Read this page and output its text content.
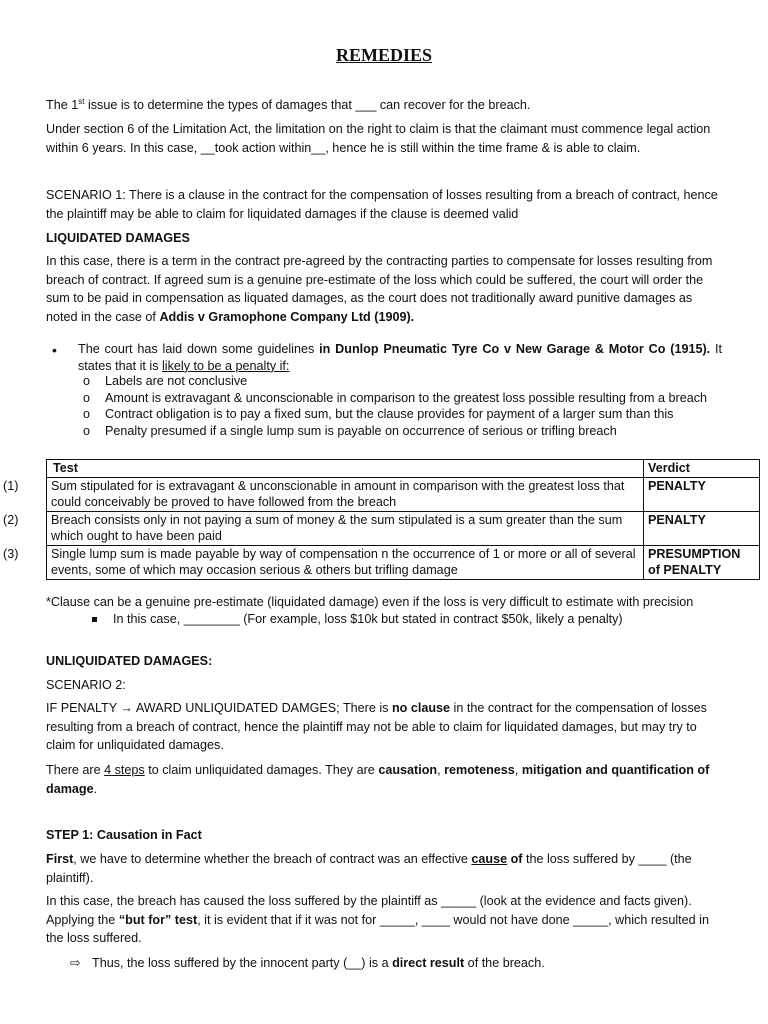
REMEDIES

The 1st issue is to determine the types of damages that ___ can recover for the breach.

Under section 6 of the Limitation Act, the limitation on the right to claim is that the claimant must commence legal action within 6 years. In this case, __took action within__, hence he is still within the time frame & is able to claim.

SCENARIO 1: There is a clause in the contract for the compensation of losses resulting from a breach of contract, hence the plaintiff may be able to claim for liquidated damages if the clause is deemed valid

LIQUIDATED DAMAGES

In this case, there is a term in the contract pre-agreed by the contracting parties to compensate for losses resulting from breach of contract. If agreed sum is a genuine pre-estimate of the loss which could be suffered, the court will order the sum to be paid in compensation as liquated damages, as the court does not traditionally award punitive damages as noted in the case of Addis v Gramophone Company Ltd (1909).

• The court has laid down some guidelines in Dunlop Pneumatic Tyre Co v New Garage & Motor Co (1915). It states that it is likely to be a penalty if:

o Labels are not conclusive
o Amount is extravagant & unconscionable in comparison to the greatest loss possible resulting from a breach
o Contract obligation is to pay a fixed sum, but the clause provides for payment of a larger sum than this
o Penalty presumed if a single lump sum is payable on occurrence of serious or trifling breach
Test	Verdict
(1) Sum stipulated for is extravagant & unconscionable in amount in comparison with the greatest loss that could conceivably be proved to have followed from the breach	PENALTY
(2) Breach consists only in not paying a sum of money & the sum stipulated is a sum greater than the sum which ought to have been paid	PENALTY
(3) Single lump sum is made payable by way of compensation n the occurrence of 1 or more or all of several events, some of which may occasion serious & others but trifling damage	PRESUMPTION of PENALTY

*Clause can be a genuine pre-estimate (liquidated damage) even if the loss is very difficult to estimate with precision

In this case, ________ (For example, loss $10k but stated in contract $50k, likely a penalty)

UNLIQUIDATED DAMAGES:

SCENARIO 2:

IF PENALTY → AWARD UNLIQUIDATED DAMGES; There is no clause in the contract for the compensation of losses resulting from a breach of contract, hence the plaintiff may not be able to claim for liquidated damages, but may try to claim for unliquidated damages.

There are 4 steps to claim unliquidated damages. They are causation, remoteness, mitigation and quantification of damage.

STEP 1: Causation in Fact

First, we have to determine whether the breach of contract was an effective cause of the loss suffered by ____ (the plaintiff).

In this case, the breach has caused the loss suffered by the plaintiff as _____ (look at the evidence and facts given). Applying the “but for” test, it is evident that if it was not for _____, ____ would not have done _____, which resulted in the loss suffered.

⇨ Thus, the loss suffered by the innocent party (__) is a direct result of the breach.
